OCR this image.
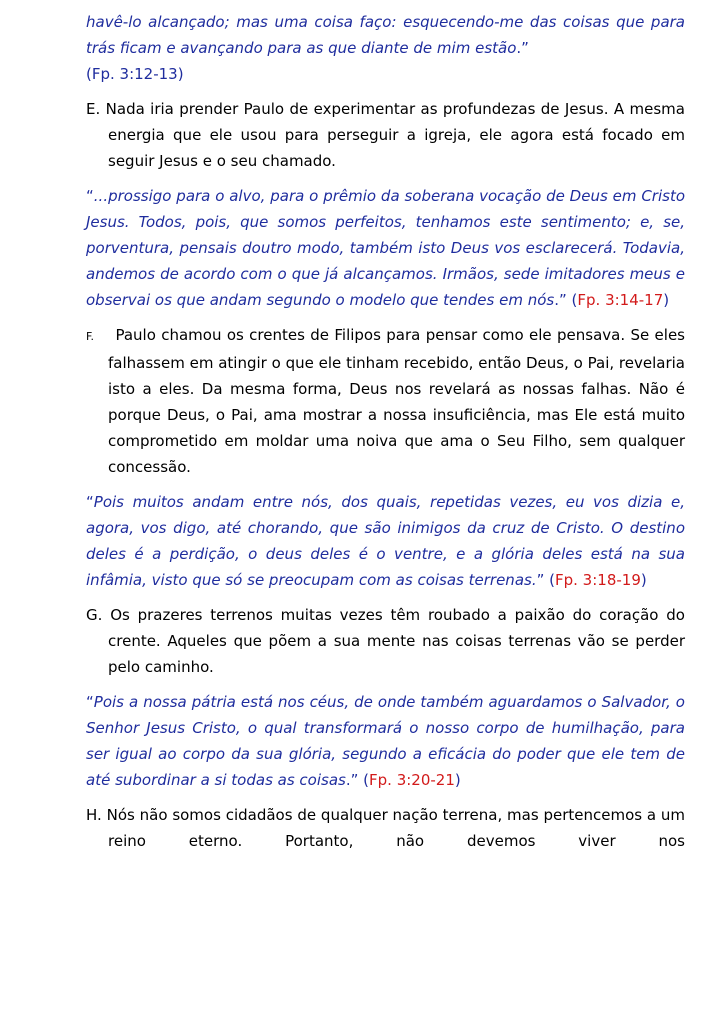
havê-lo alcançado; mas uma coisa faço: esquecendo-me das coisas que para trás ficam e avançando para as que diante de mim estão.”
(Fp. 3:12-13)

E. Nada iria prender Paulo de experimentar as profundezas de Jesus. A mesma energia que ele usou para perseguir a igreja, ele agora está focado em seguir Jesus e o seu chamado.

“...prossigo para o alvo, para o prêmio da soberana vocação de Deus em Cristo Jesus. Todos, pois, que somos perfeitos, tenhamos este sentimento; e, se, porventura, pensais doutro modo, também isto Deus vos esclarecerá. Todavia, andemos de acordo com o que já alcançamos. Irmãos, sede imitadores meus e observai os que andam segundo o modelo que tendes em nós.” (Fp. 3:14-17)

F. Paulo chamou os crentes de Filipos para pensar como ele pensava. Se eles falhassem em atingir o que ele tinham recebido, então Deus, o Pai, revelaria isto a eles. Da mesma forma, Deus nos revelará as nossas falhas. Não é porque Deus, o Pai, ama mostrar a nossa insuficiência, mas Ele está muito comprometido em moldar uma noiva que ama o Seu Filho, sem qualquer concessão.

“Pois muitos andam entre nós, dos quais, repetidas vezes, eu vos dizia e, agora, vos digo, até chorando, que são inimigos da cruz de Cristo. O destino deles é a perdição, o deus deles é o ventre, e a glória deles está na sua infâmia, visto que só se preocupam com as coisas terrenas.” (Fp. 3:18-19)

G. Os prazeres terrenos muitas vezes têm roubado a paixão do coração do crente. Aqueles que põem a sua mente nas coisas terrenas vão se perder pelo caminho.

“Pois a nossa pátria está nos céus, de onde também aguardamos o Salvador, o Senhor Jesus Cristo, o qual transformará o nosso corpo de humilhação, para ser igual ao corpo da sua glória, segundo a eficácia do poder que ele tem de até subordinar a si todas as coisas.” (Fp. 3:20-21)

H. Nós não somos cidadãos de qualquer nação terrena, mas pertencemos a um reino eterno. Portanto, não devemos viver nos
